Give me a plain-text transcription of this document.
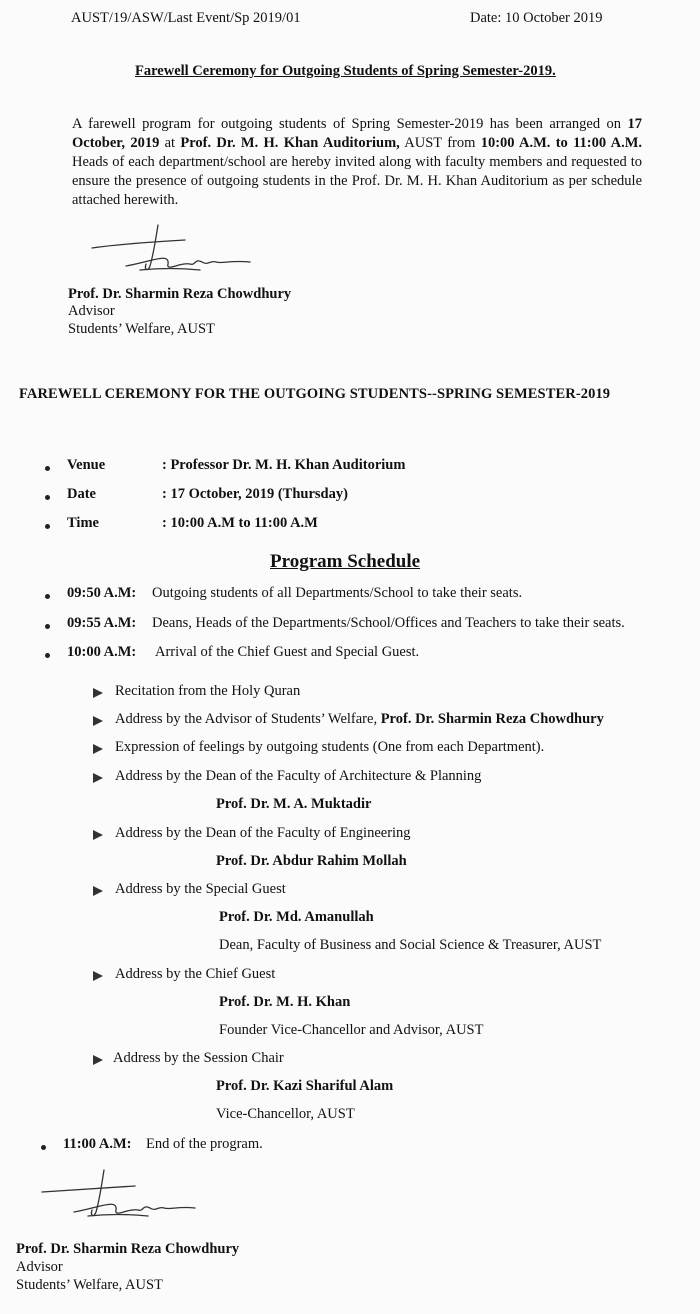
AUST/19/ASW/Last Event/Sp 2019/01	Date: 10 October 2019
Farewell Ceremony for Outgoing Students of Spring Semester-2019.
A farewell program for outgoing students of Spring Semester-2019 has been arranged on 17 October, 2019 at Prof. Dr. M. H. Khan Auditorium, AUST from 10:00 A.M. to 11:00 A.M. Heads of each department/school are hereby invited along with faculty members and requested to ensure the presence of outgoing students in the Prof. Dr. M. H. Khan Auditorium as per schedule attached herewith.
Prof. Dr. Sharmin Reza Chowdhury
Advisor
Students’ Welfare, AUST
FAREWELL CEREMONY FOR THE OUTGOING STUDENTS--SPRING SEMESTER-2019
Venue	: Professor Dr. M. H. Khan Auditorium
Date	: 17 October, 2019 (Thursday)
Time	: 10:00 A.M to 11:00 A.M
Program Schedule
09:50 A.M: Outgoing students of all Departments/School to take their seats.
09:55 A.M: Deans, Heads of the Departments/School/Offices and Teachers to take their seats.
10:00 A.M: Arrival of the Chief Guest and Special Guest.
Recitation from the Holy Quran
Address by the Advisor of Students’ Welfare, Prof. Dr. Sharmin Reza Chowdhury
Expression of feelings by outgoing students (One from each Department).
Address by the Dean of the Faculty of Architecture & Planning
Prof. Dr. M. A. Muktadir
Address by the Dean of the Faculty of Engineering
Prof. Dr. Abdur Rahim Mollah
Address by the Special Guest
Prof. Dr. Md. Amanullah
Dean, Faculty of Business and Social Science & Treasurer, AUST
Address by the Chief Guest
Prof. Dr. M. H. Khan
Founder Vice-Chancellor and Advisor, AUST
Address by the Session Chair
Prof. Dr. Kazi Shariful Alam
Vice-Chancellor, AUST
11:00 A.M: End of the program.
Prof. Dr. Sharmin Reza Chowdhury
Advisor
Students’ Welfare, AUST
